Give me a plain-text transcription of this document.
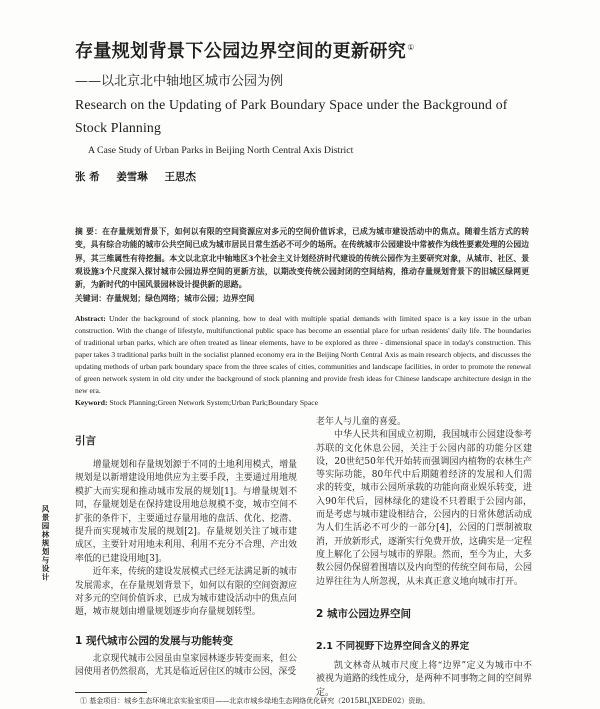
存量规划背景下公园边界空间的更新研究①
——以北京北中轴地区城市公园为例
Research on the Updating of Park Boundary Space under the Background of
Stock Planning
A Case Study of Urban Parks in Beijing North Central Axis District
张 希 姜雪琳 王思杰
摘 要：在存量规划背景下，如何以有限的空间资源应对多元的空间价值诉求，已成为城市建设活动中的焦点。随着生活方式的转变，具有综合功能的城市公共空间已成为城市居民日常生活必不可少的场所。在传统城市公园建设中常被作为线性要素处理的公园边界，其三维属性有待挖掘。本文以北京北中轴地区3个社会主义计划经济时代建设的传统公园作为主要研究对象，从城市、社区、景观设施3个尺度深入探讨城市公园边界空间的更新方法，以期改变传统公园封闭的空间结构，推动存量规划背景下的旧城区绿网更新，为新时代的中国风景园林设计提供新的思路。
关键词：存量规划；绿色网络；城市公园；边界空间
Abstract: Under the background of stock planning, how to deal with multiple spatial demands with limited space is a key issue in the urban construction. With the change of lifestyle, multifunctional public space has become an essential place for urban residents' daily life. The boundaries of traditional urban parks, which are often treated as linear elements, have to be explored as three - dimensional space in today's construction. This paper takes 3 traditional parks built in the socialist planned economy era in the Beijing North Central Axis as main research objects, and discusses the updating methods of urban park boundary space from the three scales of cities, communities and landscape facilities, in order to promote the renewal of green network system in old city under the background of stock planning and provide fresh ideas for Chinese landscape architecture design in the new era.
Keyword: Stock Planning;Green Network System;Urban Park;Boundary Space
风景园林规划与设计
引言

增量规划和存量规划源于不同的土地利用模式，增量规划是以新增建设用地供应为主要手段，主要通过用地规模扩大而实现和推动城市发展的规划[1]。与增量规划不同，存量规划是在保持建设用地总规模不变，城市空间不扩张的条件下，主要通过存量用地的盘活、优化、挖潜、提升而实现城市发展的规划[2]。存量规划关注了城市建成区，主要针对用地未利用、利用不充分不合理、产出效率低的已建设用地[3]。

近年来，传统的建设发展模式已经无法满足新的城市发展需求，在存量规划背景下，如何以有限的空间资源应对多元的空间价值诉求，已成为城市建设活动中的焦点问题，城市规划由增量规划逐步向存量规划转型。

1 现代城市公园的发展与功能转变

北京现代城市公园虽由皇家园林逐步转变而来，但公园使用者仍然很高，尤其是临近居住区的城市公园，深受

老年人与儿童的喜爱。

中华人民共和国成立初期，我国城市公园建设参考苏联的文化休息公园，关注于公园内部的功能分区建设，20世纪50年代开始转而强调园内植物的农林生产等实际功能，80年代中后期随着经济的发展和人们需求的转变，城市公园所承载的功能向商业娱乐转变，进入90年代后，园林绿化的建设不只着眼于公园内部，而是考虑与城市建设相结合，公园内的日常休憩活动成为人们生活必不可少的一部分[4]，公园的门票制被取消，开放新形式，逐渐实行免费开放，这确实是一定程度上解化了公园与城市的界限。然而，至今为止，大多数公园仍保留着围墙以及内向型的传统空间布局，公园边界往往为人所忽视，从未真正意义地向城市打开。

2 城市公园边界空间
2.1 不同视野下边界空间含义的界定

凯文林奇从城市尺度上将“边界”定义为城市中不被视为道路的线性成分，是两种不同事物之间的空间界定。

① 基金项目：城乡生态环境北京实验室项目——北京市城乡绿地生态网络优化研究（2015BLJXEDE02）资助。
